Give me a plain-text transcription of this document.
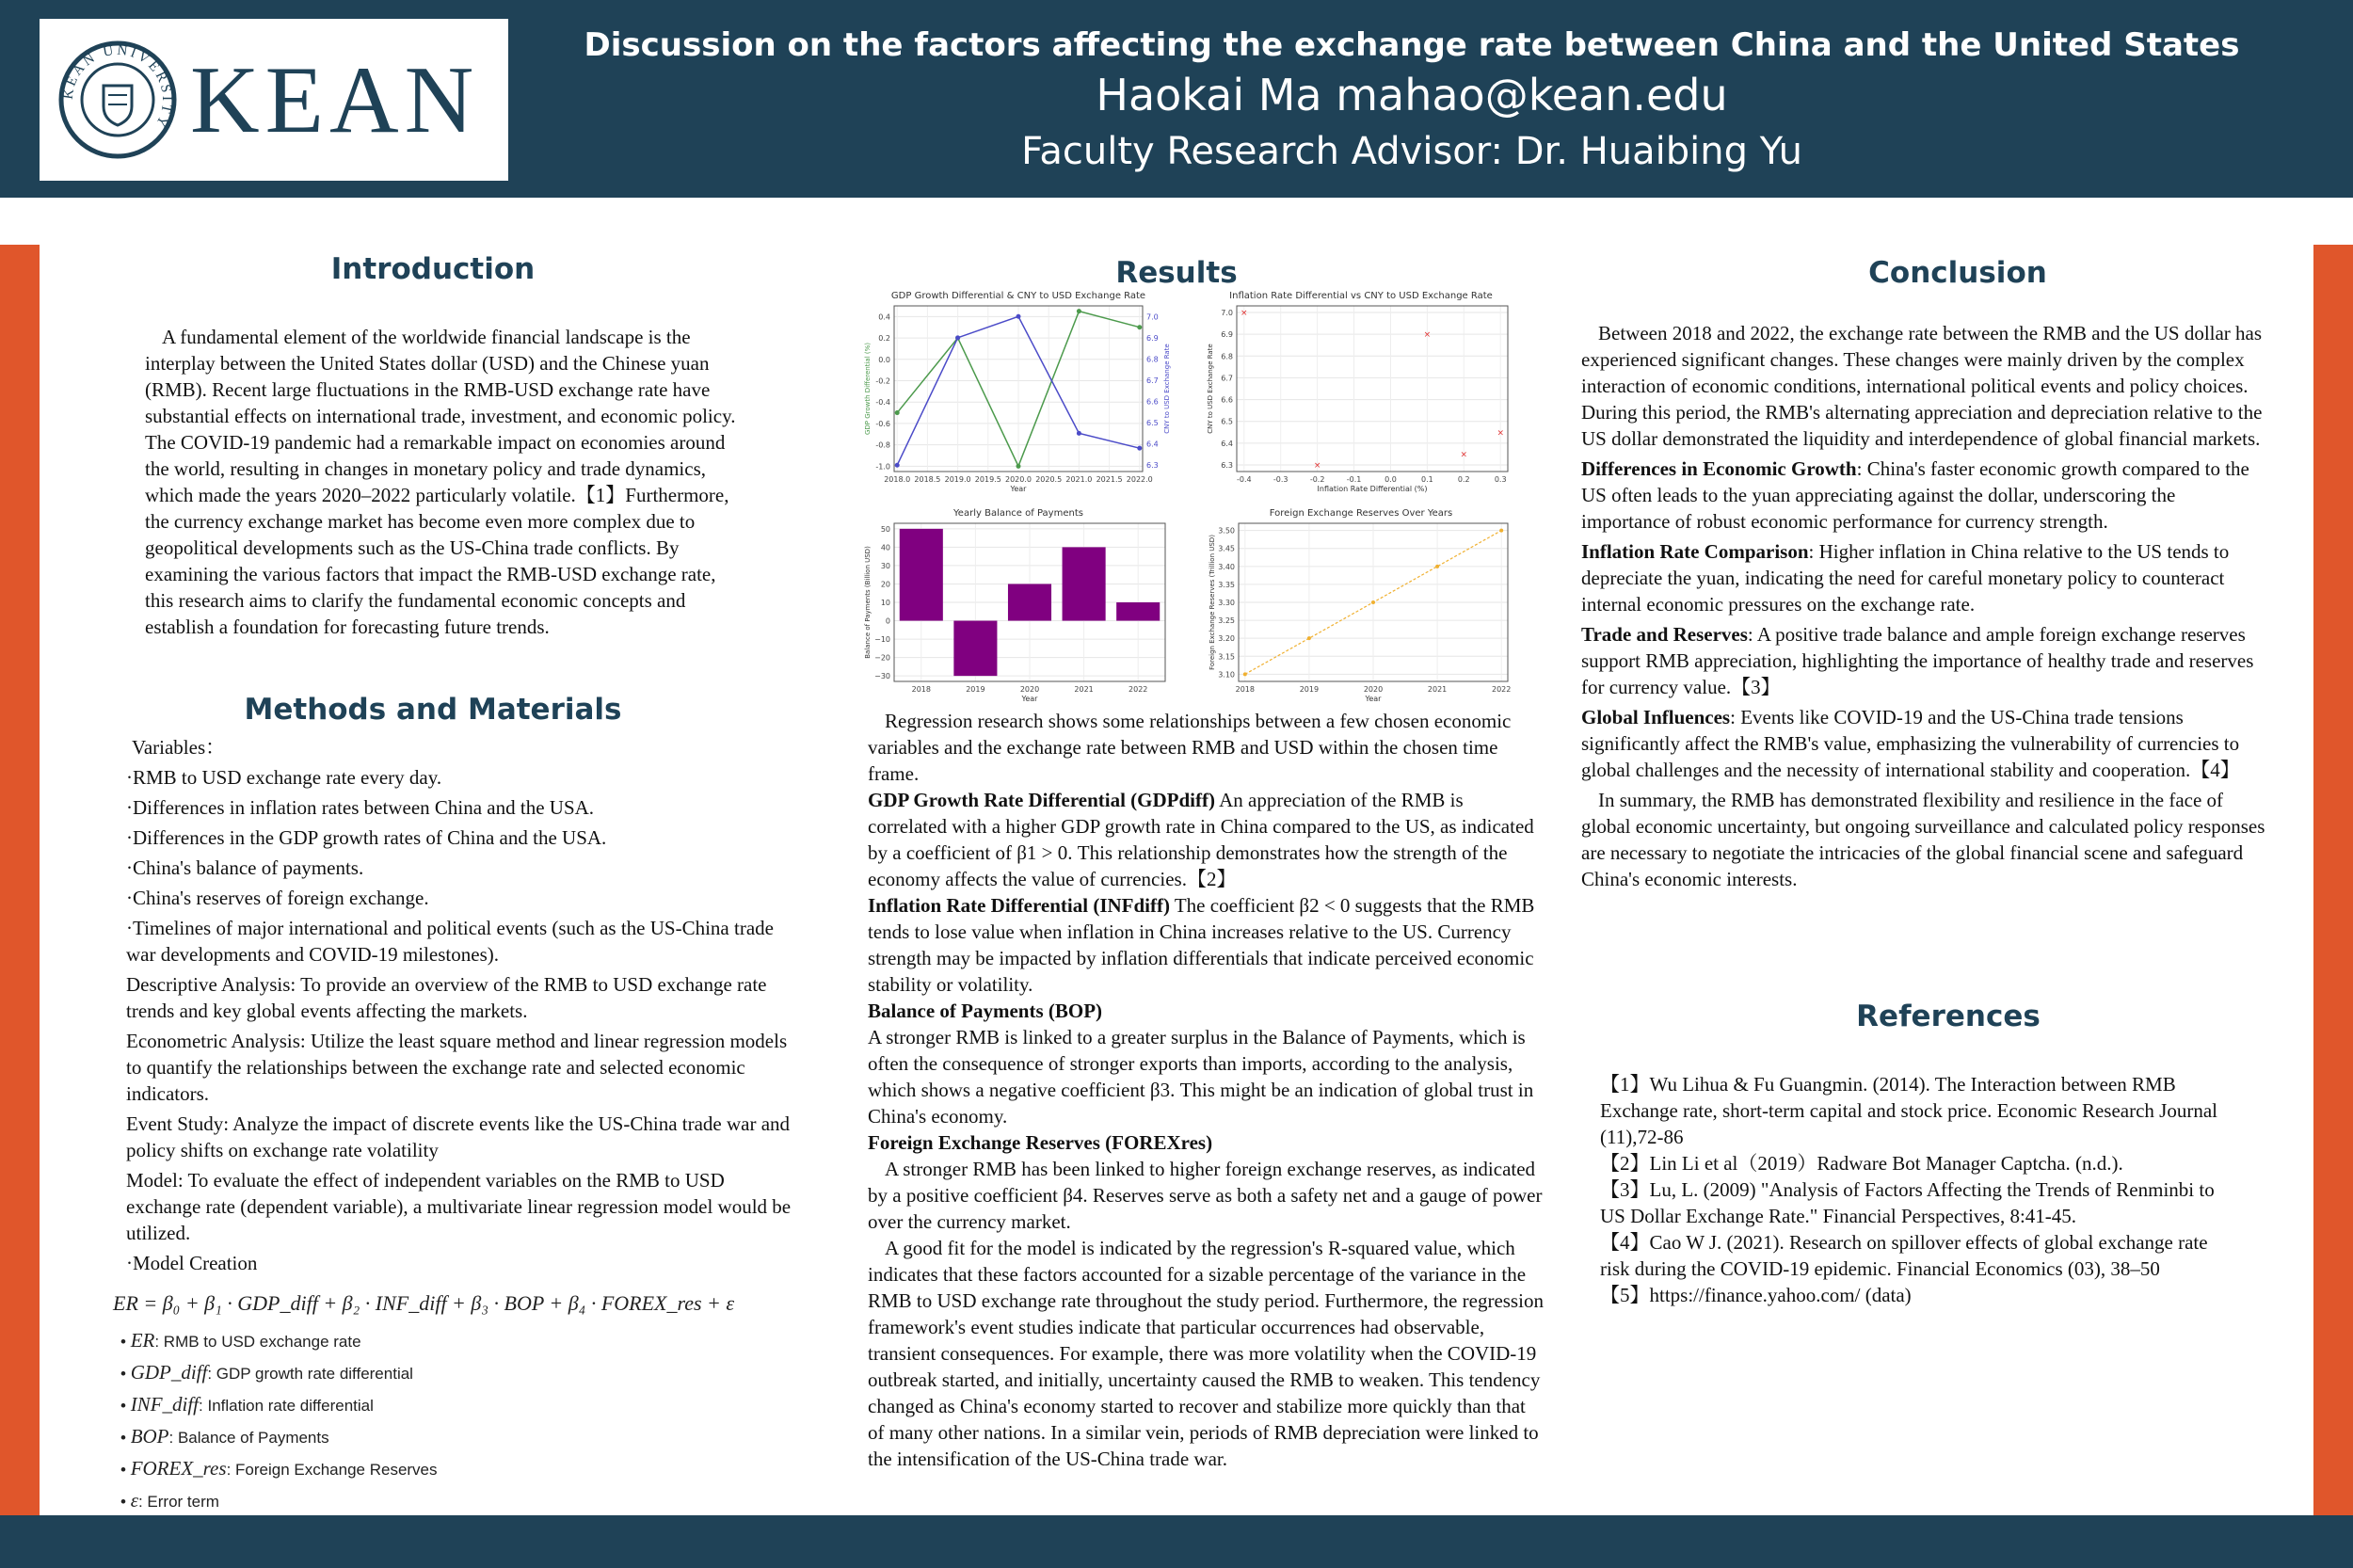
KEAN UNIVERSITY KEAN
Discussion on the factors affecting the exchange rate between China and the United States
Haokai Ma mahao@kean.edu
Faculty Research Advisor: Dr. Huaibing Yu
Introduction

A fundamental element of the worldwide financial landscape is the interplay between the United States dollar (USD) and the Chinese yuan (RMB). Recent large fluctuations in the RMB-USD exchange rate have substantial effects on international trade, investment, and economic policy. The COVID-19 pandemic had a remarkable impact on economies around the world, resulting in changes in monetary policy and trade dynamics, which made the years 2020–2022 particularly volatile.【1】Furthermore, the currency exchange market has become even more complex due to geopolitical developments such as the US-China trade conflicts. By examining the various factors that impact the RMB-USD exchange rate, this research aims to clarify the fundamental economic concepts and establish a foundation for forecasting future trends.

Methods and Materials

Variables：

·RMB to USD exchange rate every day.

·Differences in inflation rates between China and the USA.

·Differences in the GDP growth rates of China and the USA.

·China's balance of payments.

·China's reserves of foreign exchange.

·Timelines of major international and political events (such as the US-China trade war developments and COVID-19 milestones).

Descriptive Analysis: To provide an overview of the RMB to USD exchange rate trends and key global events affecting the markets.

Econometric Analysis: Utilize the least square method and linear regression models to quantify the relationships between the exchange rate and selected economic indicators.

Event Study: Analyze the impact of discrete events like the US-China trade war and policy shifts on exchange rate volatility

Model: To evaluate the effect of independent variables on the RMB to USD exchange rate (dependent variable), a multivariate linear regression model would be utilized.

·Model Creation

ER = β₀ + β₁ · GDP_diff + β₂ · INF_diff + β₃ · BOP + β₄ · FOREX_res + ε
• ER: RMB to USD exchange rate
• GDP_diff: GDP growth rate differential
• INF_diff: Inflation rate differential
• BOP: Balance of Payments
• FOREX_res: Foreign Exchange Reserves
• ε: Error term
Results
GDP Growth Differential & CNY to USD Exchange Rate
0.4
0.2
0.0
-0.2
-0.4
-0.6
-0.8
-1.0
2018.0 2018.5 2019.0 2019.5 2020.0 2020.5 2021.0 2021.5 2022.0
Year
GDP Growth Differential (%)
7.0
6.9
6.8
6.7
6.6
6.5
6.4
6.3
CNY to USD Exchange Rate
Inflation Rate Differential vs CNY to USD Exchange Rate
7.0
6.9
6.8
6.7
6.6
6.5
6.4
6.3
-0.4	-0.3	-0.2	-0.1	0.0	0.1	0.2	0.3
Inflation Rate Differential (%)
CNY to USD Exchange Rate
×
×
×
×
×
Yearly Balance of Payments
50
40
30
20
10
0
−10
−20
−30
2018	2019	2020	2021	2022
Year
Balance of Payments (Billion USD)
Foreign Exchange Reserves Over Years
3.50
3.45
3.40
3.35
3.30
3.25
3.20
3.15
3.10
2018	2019	2020	2021	2022
Year
Foreign Exchange Reserves (Trillion USD)

Regression research shows some relationships between a few chosen economic variables and the exchange rate between RMB and USD within the chosen time frame.

GDP Growth Rate Differential (GDPdiff) An appreciation of the RMB is correlated with a higher GDP growth rate in China compared to the US, as indicated by a coefficient of β1 > 0. This relationship demonstrates how the strength of the economy affects the value of currencies.【2】

Inflation Rate Differential (INFdiff) The coefficient β2 < 0 suggests that the RMB tends to lose value when inflation in China increases relative to the US. Currency strength may be impacted by inflation differentials that indicate perceived economic stability or volatility.

Balance of Payments (BOP)

A stronger RMB is linked to a greater surplus in the Balance of Payments, which is often the consequence of stronger exports than imports, according to the analysis, which shows a negative coefficient β3. This might be an indication of global trust in China's economy.

Foreign Exchange Reserves (FOREXres)

A stronger RMB has been linked to higher foreign exchange reserves, as indicated by a positive coefficient β4. Reserves serve as both a safety net and a gauge of power over the currency market.

A good fit for the model is indicated by the regression's R-squared value, which indicates that these factors accounted for a sizable percentage of the variance in the RMB to USD exchange rate throughout the study period. Furthermore, the regression framework's event studies indicate that particular occurrences had observable, transient consequences. For example, there was more volatility when the COVID-19 outbreak started, and initially, uncertainty caused the RMB to weaken. This tendency changed as China's economy started to recover and stabilize more quickly than that of many other nations. In a similar vein, periods of RMB depreciation were linked to the intensification of the US-China trade war.

Conclusion

Between 2018 and 2022, the exchange rate between the RMB and the US dollar has experienced significant changes. These changes were mainly driven by the complex interaction of economic conditions, international political events and policy choices. During this period, the RMB's alternating appreciation and depreciation relative to the US dollar demonstrated the liquidity and interdependence of global financial markets.

Differences in Economic Growth: China's faster economic growth compared to the US often leads to the yuan appreciating against the dollar, underscoring the importance of robust economic performance for currency strength.

Inflation Rate Comparison: Higher inflation in China relative to the US tends to depreciate the yuan, indicating the need for careful monetary policy to counteract internal economic pressures on the exchange rate.

Trade and Reserves: A positive trade balance and ample foreign exchange reserves support RMB appreciation, highlighting the importance of healthy trade and reserves for currency value.【3】

Global Influences: Events like COVID-19 and the US-China trade tensions significantly affect the RMB's value, emphasizing the vulnerability of currencies to global challenges and the necessity of international stability and cooperation.【4】

In summary, the RMB has demonstrated flexibility and resilience in the face of global economic uncertainty, but ongoing surveillance and calculated policy responses are necessary to negotiate the intricacies of the global financial scene and safeguard China's economic interests.

References

【1】Wu Lihua & Fu Guangmin. (2014). The Interaction between RMB Exchange rate, short-term capital and stock price. Economic Research Journal (11),72-86

【2】Lin Li et al（2019）Radware Bot Manager Captcha. (n.d.).

【3】Lu, L. (2009) "Analysis of Factors Affecting the Trends of Renminbi to US Dollar Exchange Rate." Financial Perspectives, 8:41-45.

【4】Cao W J. (2021). Research on spillover effects of global exchange rate risk during the COVID-19 epidemic. Financial Economics (03), 38–50

【5】https://finance.yahoo.com/ (data)
